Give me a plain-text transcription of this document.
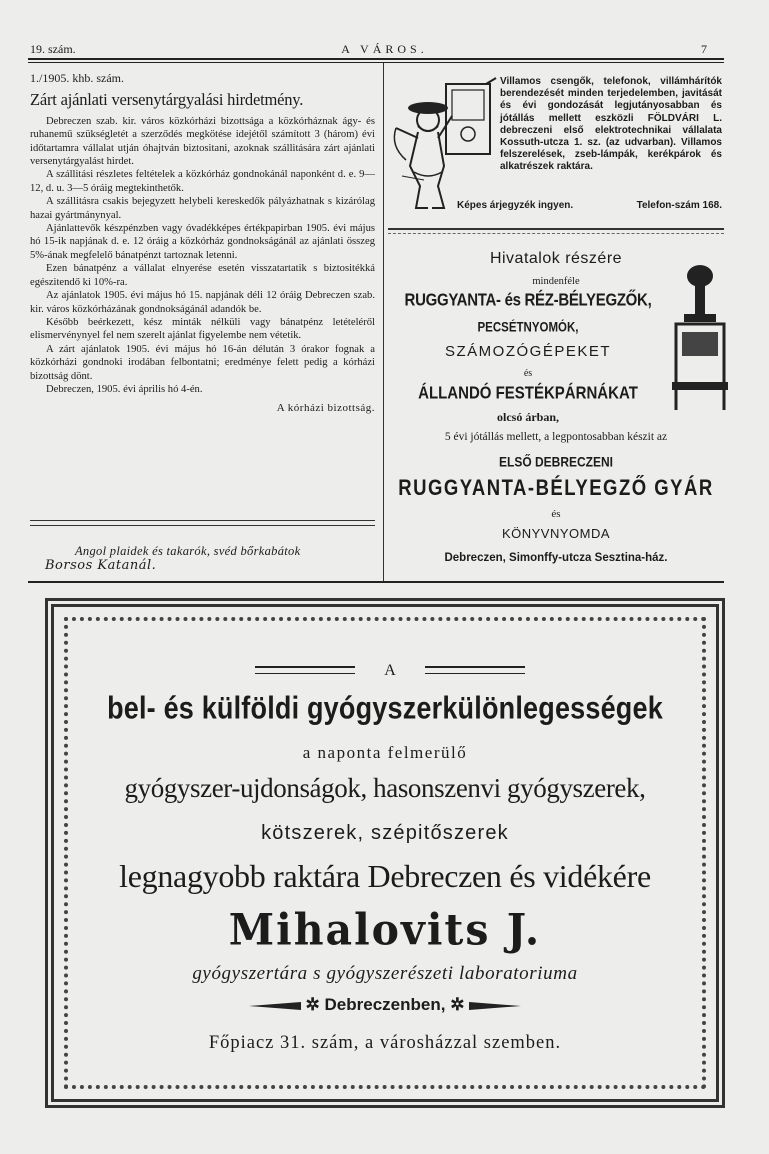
19. szám.	A VÁROS.	7
1./1905. khb. szám.
Zárt ajánlati versenytárgyalási hirdetmény.

Debreczen szab. kir. város közkórházi bizottsága a közkórháznak ágy- és ruhanemű szükségletét a szerződés megkötése idejétől számított 3 (három) évi időtartamra vállalat utján óhajtván biztositani, azoknak szállitására zárt ajánlati versenytárgyalást hirdet.

A szállitási részletes feltételek a közkórház gondnokánál naponként d. e. 9—12, d. u. 3—5 óráig megtekinthetők.

A szállitásra csakis bejegyzett helybeli kereskedők pályázhatnak s kizárólag hazai gyártmánynyal.

Ajánlattevők készpénzben vagy óvadékképes értékpapirban 1905. évi május hó 15-ik napjának d. e. 12 óráig a közkórház gondnokságánál az ajánlati összeg 5%-ának megfelelő bánatpénzt tartoznak letenni.

Ezen bánatpénz a vállalat elnyerése esetén visszatartatik s biztositékká egészitendő ki 10%-ra.

Az ajánlatok 1905. évi május hó 15. napjának déli 12 óráig Debreczen szab. kir. város közkórházának gondnokságánál adandók be.

Később beérkezett, kész minták nélküli vagy bánatpénz letételéről elismervénynyel fel nem szerelt ajánlat figyelembe nem vétetik.

A zárt ajánlatok 1905. évi május hó 16-án délután 3 órakor fognak a közkórházi gondnoki irodában felbontatni; eredménye felett pedig a kórházi bizottság dönt.

Debreczen, 1905. évi április hó 4-én.

A kórházi bizottság.

Angol plaidek és takarók, svéd bőrkabátok
Borsos Katanál.
Villamos csengők, telefonok, villámhárítók berendezését minden terjedelemben, javitását és évi gondozását legjutányosabban és jótállás mellett eszközli FÖLDVÁRI L. debreczeni első elektrotechnikai vállalata Kossuth-utcza 1. sz. (az udvarban). Villamos felszerelések, zseb-lámpák, kerékpárok és alkatrészek raktára.
Képes árjegyzék ingyen.	Telefon-szám 168.
Hivatalok részére
mindenféle
RUGGYANTA- és RÉZ-BÉLYEGZŐK,
PECSÉTNYOMÓK,
SZÁMOZÓGÉPEKET
és
ÁLLANDÓ FESTÉKPÁRNÁKAT
olcsó árban,
5 évi jótállás mellett, a legpontosabban készit az
ELSŐ DEBRECZENI
RUGGYANTA-BÉLYEGZŐ GYÁR
és
KÖNYVNYOMDA
Debreczen, Simonffy-utcza Sesztina-ház.
A
bel- és külföldi gyógyszerkülönlegességek
a naponta felmerülő
gyógyszer-ujdonságok, hasonszenvi gyógyszerek,
kötszerek, szépitőszerek
legnagyobb raktára Debreczen és vidékére
Mihalovits J.
gyógyszertára s gyógyszerészeti laboratoriuma
✲ Debreczenben, ✲
Főpiacz 31. szám, a városházzal szemben.
